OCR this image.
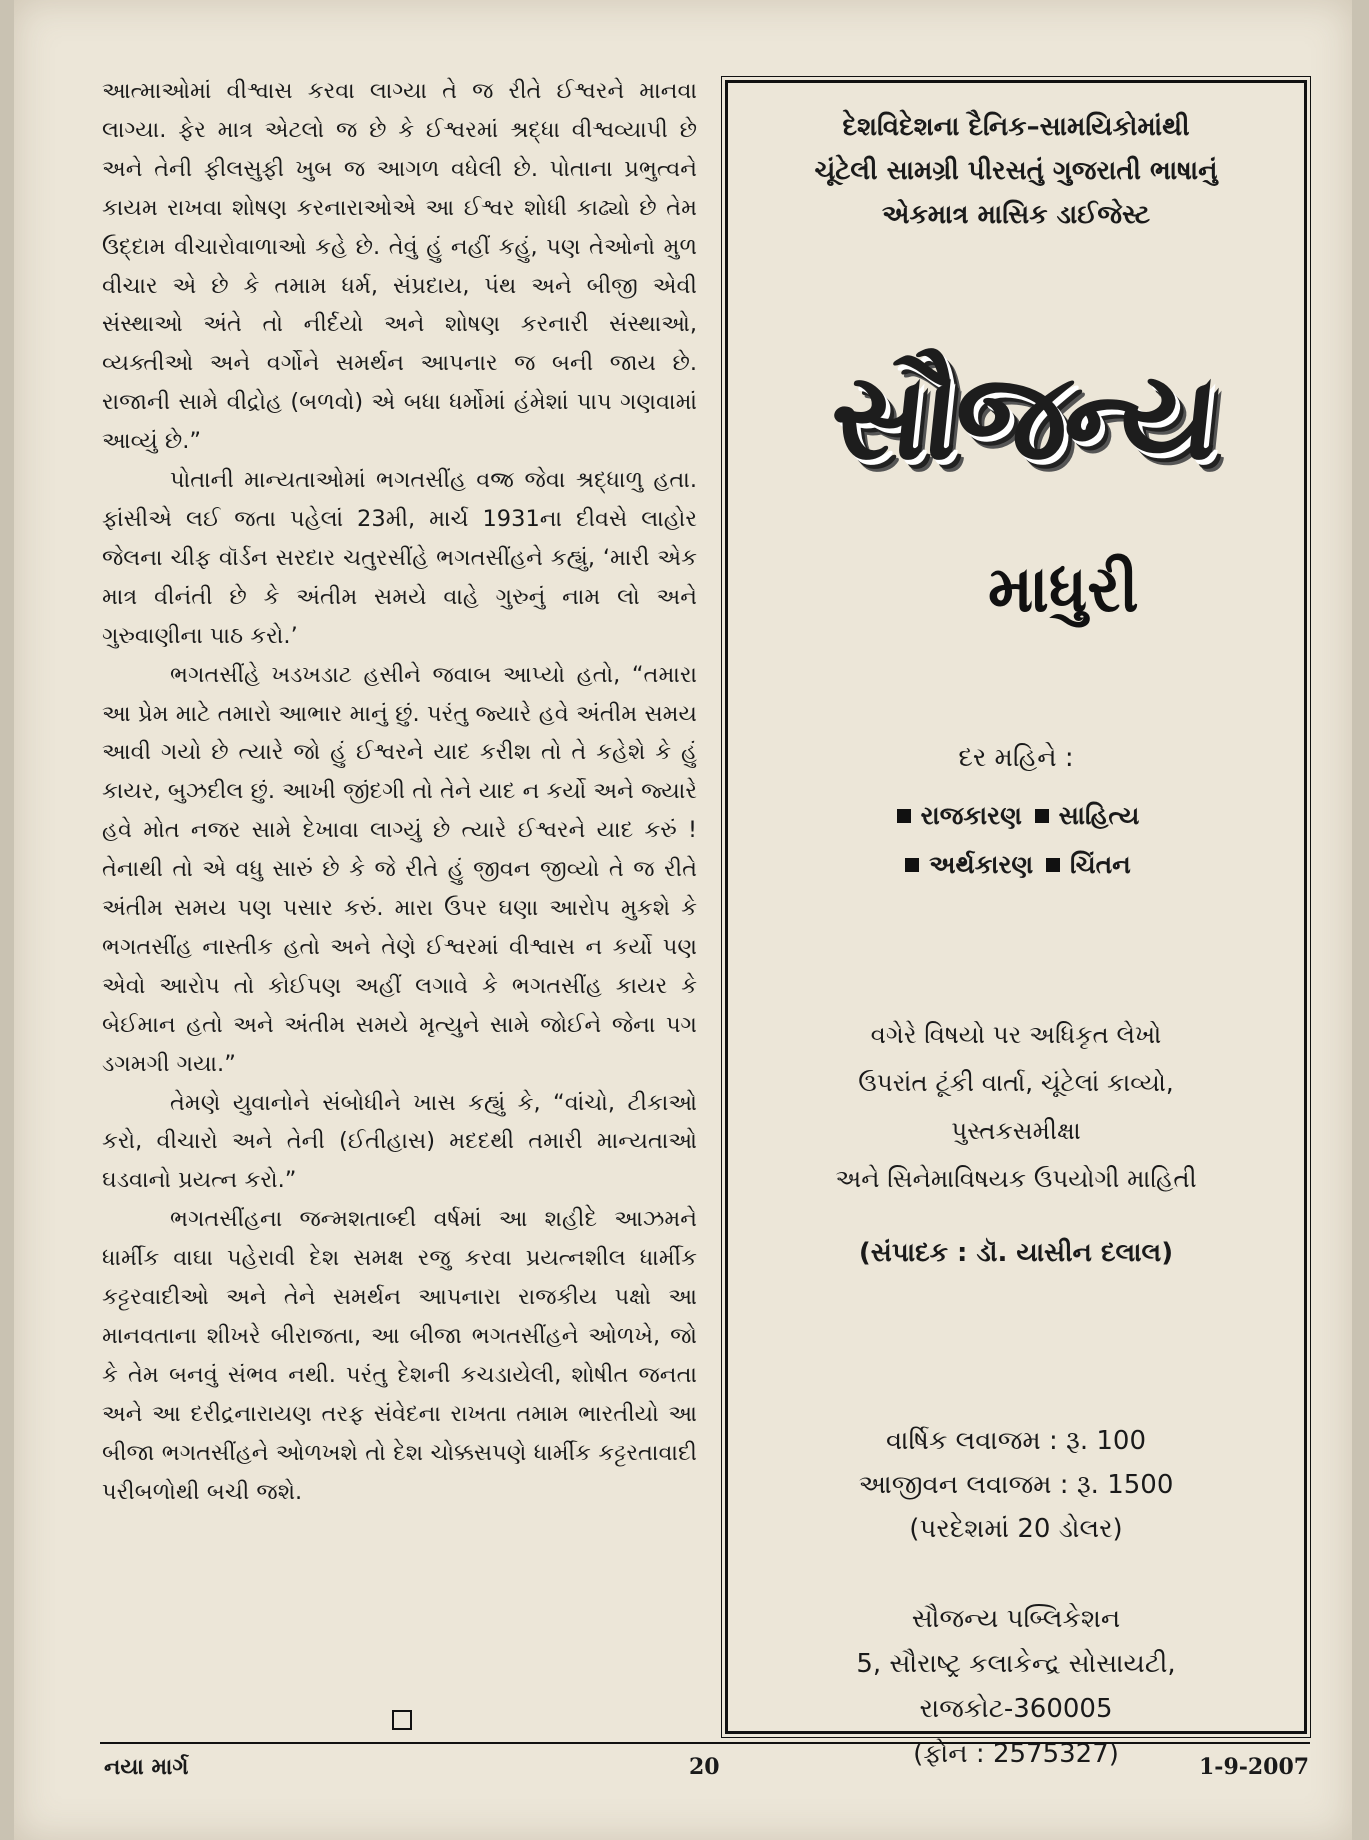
આત્માઓમાં વીશ્વાસ કરવા લાગ્યા તે જ રીતે ઈશ્વરને માનવા લાગ્યા. ફેર માત્ર એટલો જ છે કે ઈશ્વરમાં શ્રદ્ધા વીશ્વવ્યાપી છે અને તેની ફીલસુફી ખુબ જ આગળ વધેલી છે. પોતાના પ્રભુત્વને કાયમ રાખવા શોષણ કરનારાઓએ આ ઈશ્વર શોધી કાઢ્યો છે તેમ ઉદ્દામ વીચારોવાળાઓ કહે છે. તેવું હું નહીં કહું, પણ તેઓનો મુળ વીચાર એ છે કે તમામ ધર્મ, સંપ્રદાય, પંથ અને બીજી એવી સંસ્થાઓ અંતે તો નીર્દયો અને શોષણ કરનારી સંસ્થાઓ, વ્યક્તીઓ અને વર્ગોને સમર્થન આપનાર જ બની જાય છે. રાજાની સામે વીદ્રોહ (બળવો) એ બધા ધર્મોમાં હંમેશાં પાપ ગણવામાં આવ્યું છે.”

પોતાની માન્યતાઓમાં ભગતસીંહ વજ્ર જેવા શ્રદ્ધાળુ હતા. ફાંસીએ લઈ જતા પહેલાં 23મી, માર્ચ 1931ના દીવસે લાહોર જેલના ચીફ વૉર્ડન સરદાર ચતુરસીંહે ભગતસીંહને કહ્યું, ‘મારી એક માત્ર વીનંતી છે કે અંતીમ સમયે વાહે ગુરુનું નામ લો અને ગુરુવાણીના પાઠ કરો.’

ભગતસીંહે ખડખડાટ હસીને જવાબ આપ્યો હતો, “તમારા આ પ્રેમ માટે તમારો આભાર માનું છું. પરંતુ જ્યારે હવે અંતીમ સમય આવી ગયો છે ત્યારે જો હું ઈશ્વરને યાદ કરીશ તો તે કહેશે કે હું કાયર, બુઝદીલ છું. આખી જીંદગી તો તેને યાદ ન કર્યો અને જ્યારે હવે મોત નજર સામે દેખાવા લાગ્યું છે ત્યારે ઈશ્વરને યાદ કરું ! તેનાથી તો એ વધુ સારું છે કે જે રીતે હું જીવન જીવ્યો તે જ રીતે અંતીમ સમય પણ પસાર કરું. મારા ઉપર ઘણા આરોપ મુકશે કે ભગતસીંહ નાસ્તીક હતો અને તેણે ઈશ્વરમાં વીશ્વાસ ન કર્યો પણ એવો આરોપ તો કોઈપણ અહીં લગાવે કે ભગતસીંહ કાયર કે બેઈમાન હતો અને અંતીમ સમયે મૃત્યુને સામે જોઈને જેના પગ ડગમગી ગયા.”

તેમણે યુવાનોને સંબોધીને ખાસ કહ્યું કે, “વાંચો, ટીકાઓ કરો, વીચારો અને તેની (ઈતીહાસ) મદદથી તમારી માન્યતાઓ ઘડવાનો પ્રયત્ન કરો.”

ભગતસીંહના જન્મશતાબ્દી વર્ષમાં આ શહીદે આઝમને ધાર્મીક વાઘા પહેરાવી દેશ સમક્ષ રજુ કરવા પ્રયત્નશીલ ધાર્મીક કટ્ટરવાદીઓ અને તેને સમર્થન આપનારા રાજકીય પક્ષો આ માનવતાના શીખરે બીરાજતા, આ બીજા ભગતસીંહને ઓળખે, જો કે તેમ બનવું સંભવ નથી. પરંતુ દેશની કચડાયેલી, શોષીત જનતા અને આ દરીદ્રનારાયણ તરફ સંવેદના રાખતા તમામ ભારતીયો આ બીજા ભગતસીંહને ઓળખશે તો દેશ ચોક્કસપણે ધાર્મીક કટ્ટરતાવાદી પરીબળોથી બચી જશે.

દેશવિદેશના દૈનિક–સામયિકોમાંથી
ચૂંટેલી સામગ્રી પીરસતું ગુજરાતી ભાષાનું
એકમાત્ર માસિક ડાઈજેસ્ટ
સૌજન્ય
માધુરી
દર મહિને :
રાજકારણ સાહિત્ય
અર્થકારણ ચિંતન
વગેરે વિષયો પર અધિકૃત લેખો
ઉપરાંત ટૂંકી વાર્તા, ચૂંટેલાં કાવ્યો,
પુસ્તકસમીક્ષા
અને સિનેમાવિષયક ઉપયોગી માહિતી
(સંપાદક : ડૉ. યાસીન દલાલ)
વાર્ષિક લવાજમ : રૂ. 100
આજીવન લવાજમ : રૂ. 1500
(પરદેશમાં 20 ડોલર)
સૌજન્ય પબ્લિકેશન
5, સૌરાષ્ટ્ર કલાકેન્દ્ર સોસાયટી,
રાજકોટ-360005
(ફોન : 2575327)
નયા માર્ગ	20	1-9-2007
